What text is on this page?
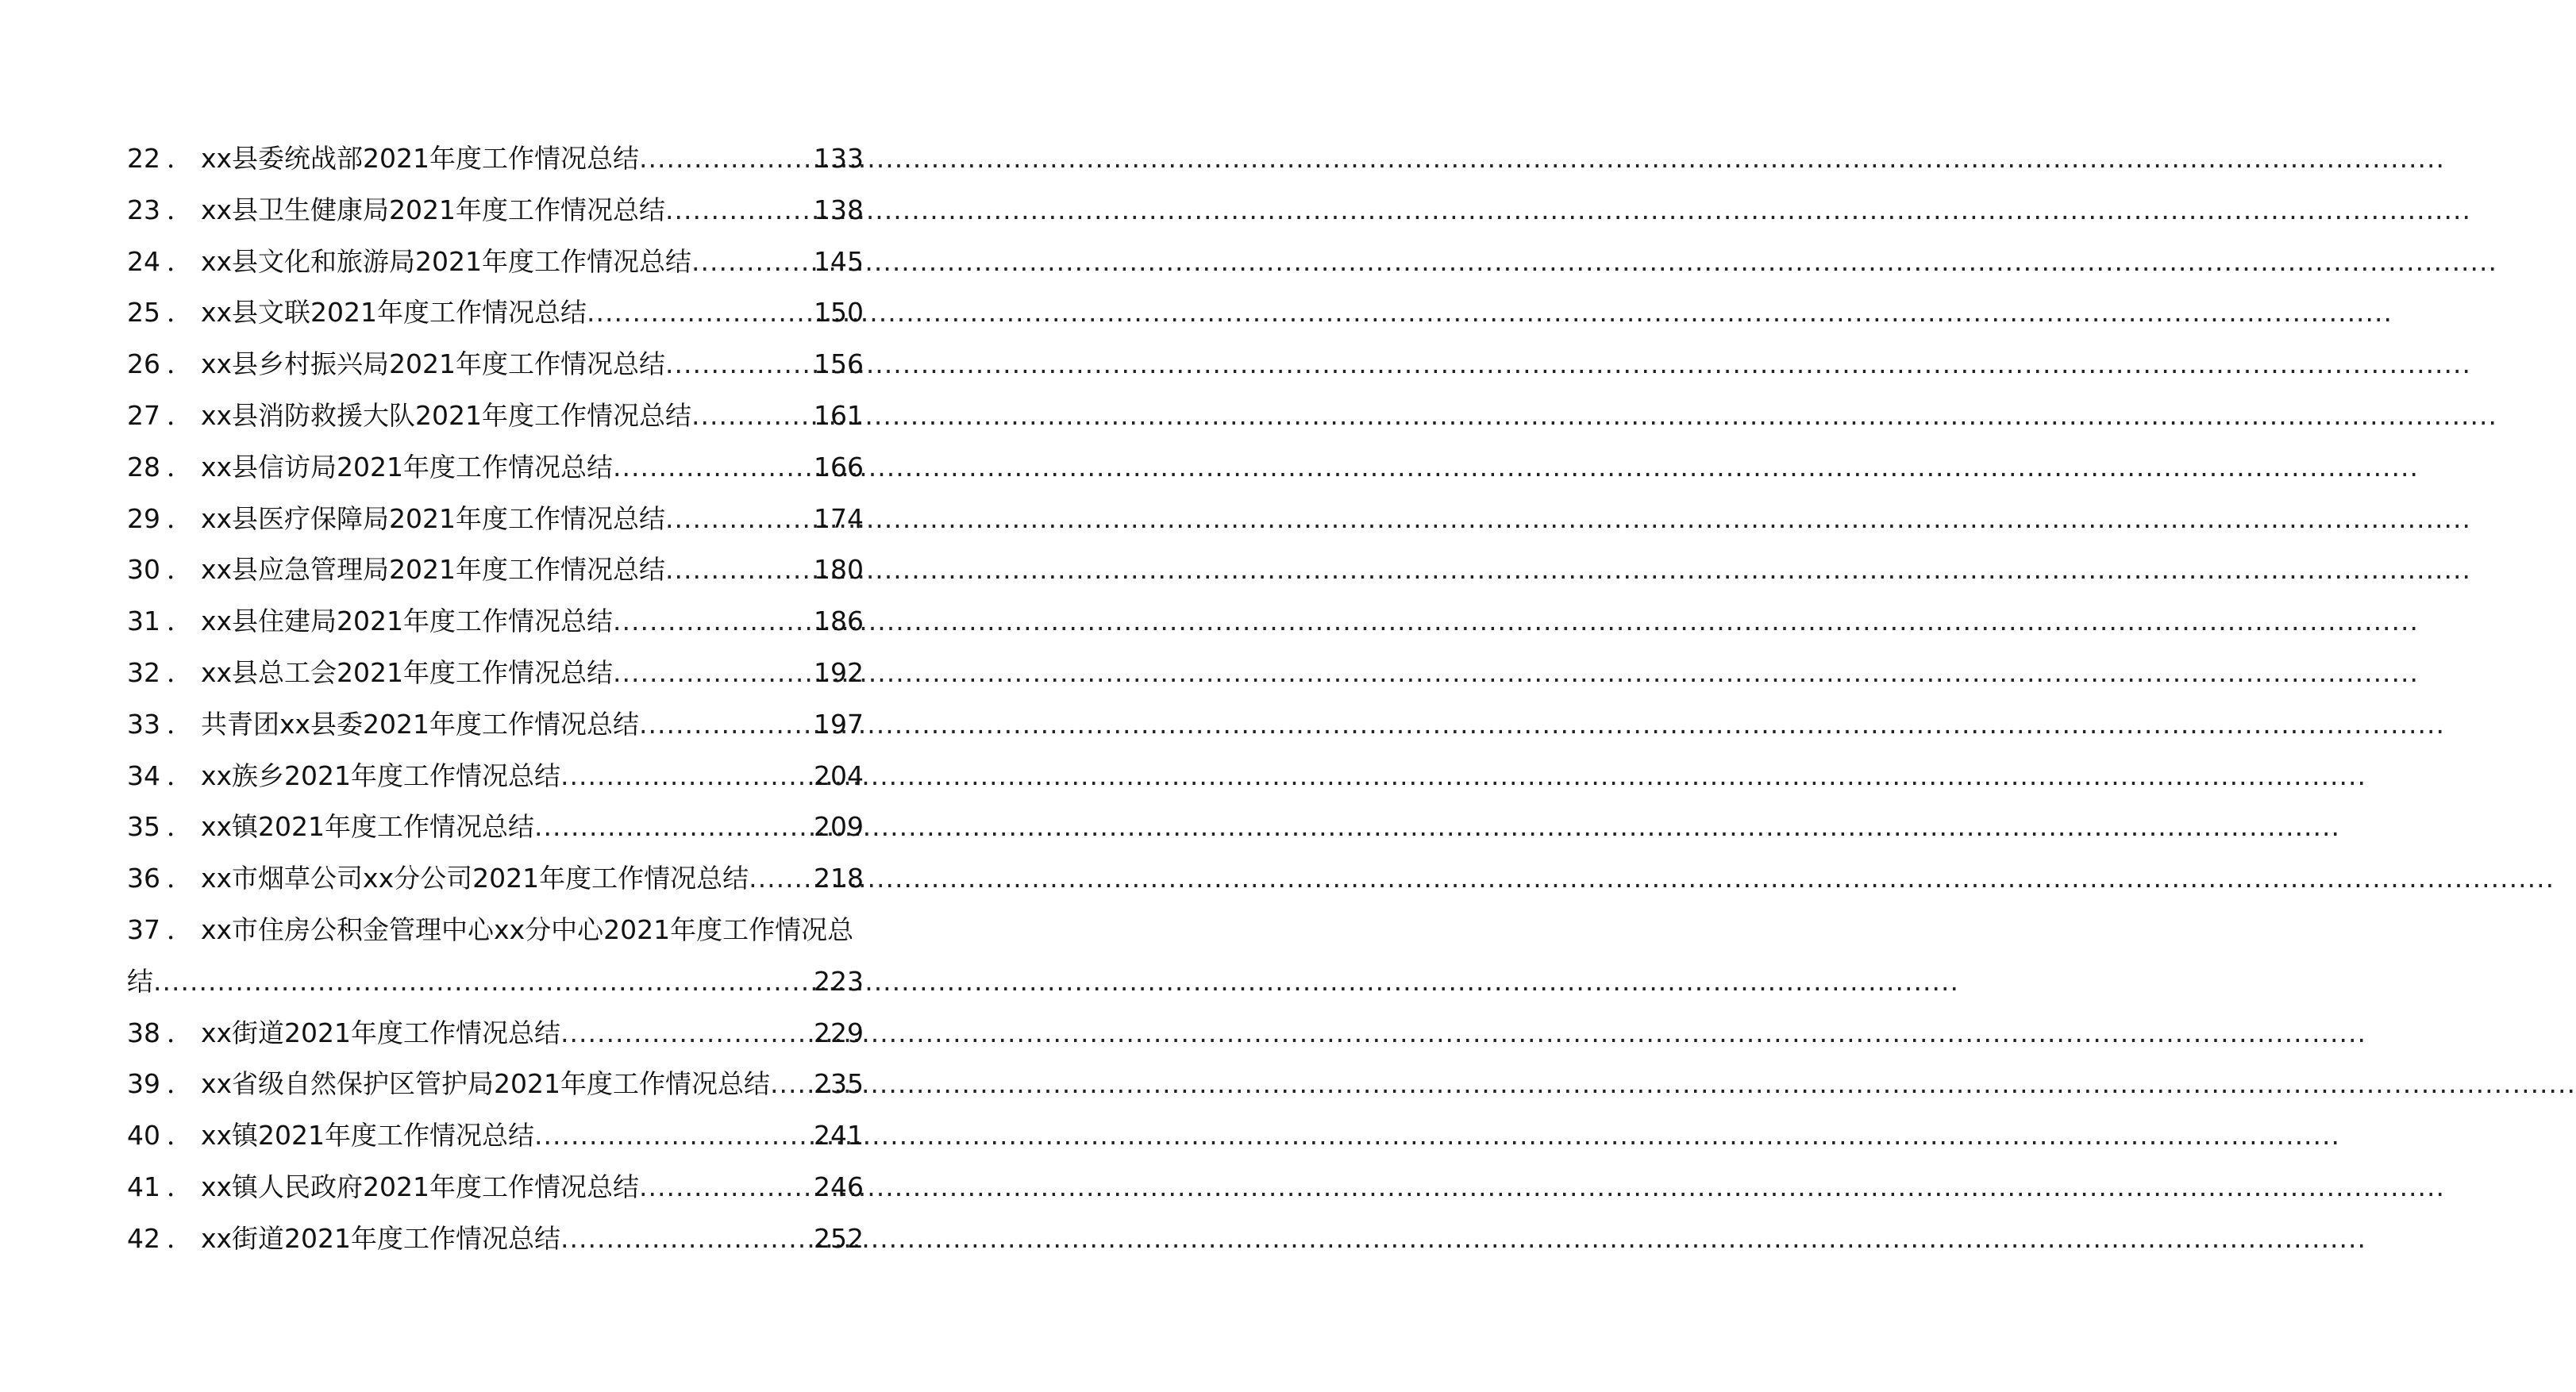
22 ． xx县委统战部2021年度工作情况总结 .....	133
23 ． xx县卫生健康局2021年度工作情况总结 .....	138
24 ． xx县文化和旅游局2021年度工作情况总结 .....	145
25 ． xx县文联2021年度工作情况总结 .....	150
26 ． xx县乡村振兴局2021年度工作情况总结 .....	156
27 ． xx县消防救援大队2021年度工作情况总结 .....	161
28 ． xx县信访局2021年度工作情况总结 .....	166
29 ． xx县医疗保障局2021年度工作情况总结 .....	174
30 ． xx县应急管理局2021年度工作情况总结 .....	180
31 ． xx县住建局2021年度工作情况总结 .....	186
32 ． xx县总工会2021年度工作情况总结 .....	192
33 ． 共青团xx县委2021年度工作情况总结 .....	197
34 ． xx族乡2021年度工作情况总结 .....	204
35 ． xx镇2021年度工作情况总结 .....	209
36 ． xx市烟草公司xx分公司2021年度工作情况总结 ..... 218
37 ． xx市住房公积金管理中心xx分中心2021年度工作情况总
结 .....	223
38 ． xx街道2021年度工作情况总结 .....	229
39 ． xx省级自然保护区管护局2021年度工作情况总结 ..... 235
40 ． xx镇2021年度工作情况总结 .....	241
41 ． xx镇人民政府2021年度工作情况总结 .....	246
42 ． xx街道2021年度工作情况总结 .....	252
